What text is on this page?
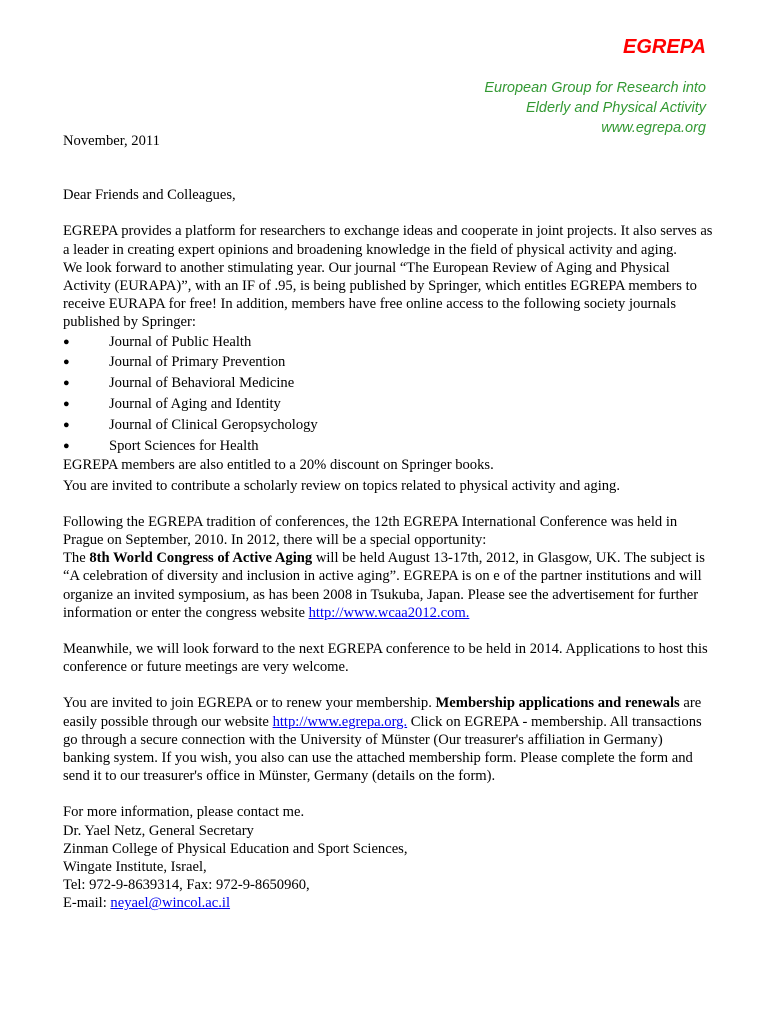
EGREPA

European Group for Research into

Elderly and Physical Activity

www.egrepa.org

November, 2011

Dear Friends and Colleagues,

EGREPA provides a platform for researchers to exchange ideas and cooperate in joint projects. It also serves as a leader in creating expert opinions and broadening knowledge in the field of physical activity and aging.

We look forward to another stimulating year. Our journal “The European Review of Aging and Physical Activity (EURAPA)”, with an IF of .95, is being published by Springer, which entitles EGREPA members to receive EURAPA for free! In addition, members have free online access to the following society journals published by Springer:

●	Journal of Public Health
●	Journal of Primary Prevention
●	Journal of Behavioral Medicine
●	Journal of Aging and Identity
●	Journal of Clinical Geropsychology
●	Sport Sciences for Health

EGREPA members are also entitled to a 20% discount on Springer books.

You are invited to contribute a scholarly review on topics related to physical activity and aging.

Following the EGREPA tradition of conferences, the 12th EGREPA International Conference was held in Prague on September, 2010. In 2012, there will be a special opportunity:

The 8th World Congress of Active Aging will be held August 13-17th, 2012, in Glasgow, UK. The subject is “A celebration of diversity and inclusion in active aging”. EGREPA is on e of the partner institutions and will organize an invited symposium, as has been 2008 in Tsukuba, Japan. Please see the advertisement for further information or enter the congress website http://www.wcaa2012.com.

Meanwhile, we will look forward to the next EGREPA conference to be held in 2014. Applications to host this conference or future meetings are very welcome.

You are invited to join EGREPA or to renew your membership. Membership applications and renewals are easily possible through our website http://www.egrepa.org. Click on EGREPA - membership. All transactions go through a secure connection with the University of Münster (Our treasurer's affiliation in Germany) banking system. If you wish, you also can use the attached membership form. Please complete the form and send it to our treasurer's office in Münster, Germany (details on the form).

For more information, please contact me.

Dr. Yael Netz, General Secretary

Zinman College of Physical Education and Sport Sciences,

Wingate Institute, Israel,

Tel: 972-9-8639314, Fax: 972-9-8650960,

E-mail: neyael@wincol.ac.il
